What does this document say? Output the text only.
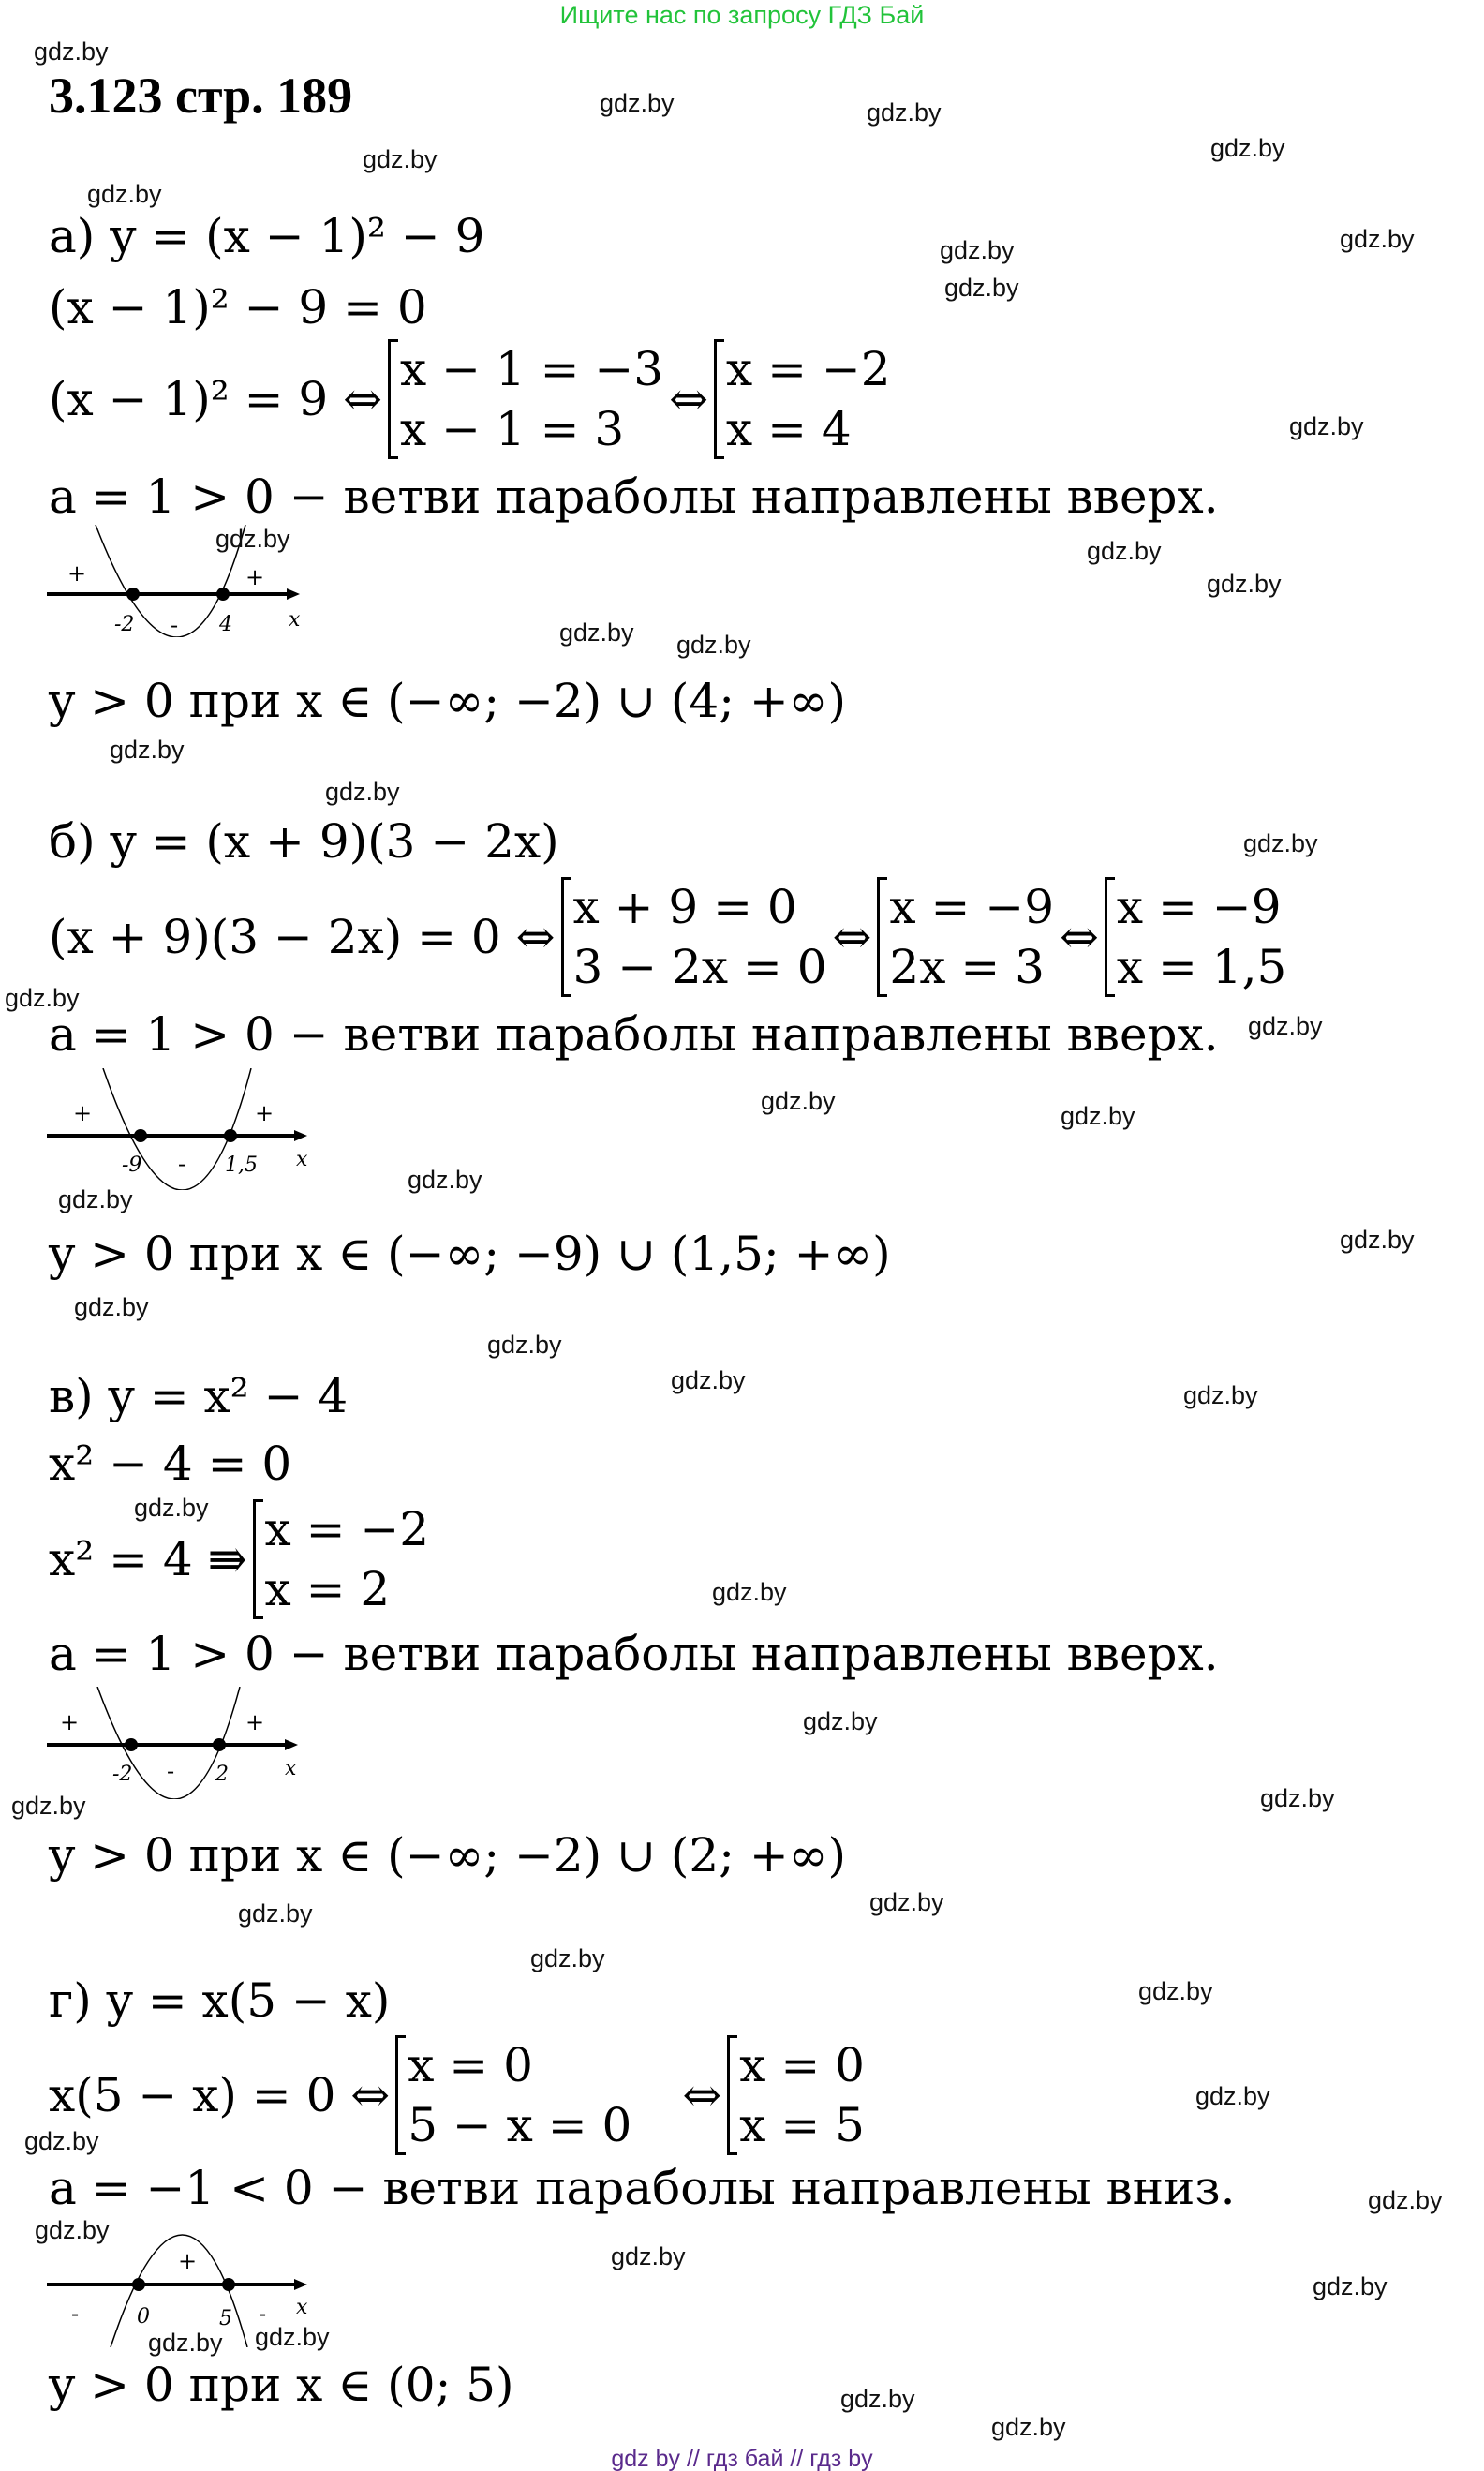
Ищите нас по запросу ГДЗ Бай
3.123 стр. 189
а) y = (x − 1)² − 9
(x − 1)² − 9 = 0
(x − 1)² = 9 ⇔
x − 1 = −3
x − 1 = 3
⇔
x = −2
x = 4
a = 1 > 0 − ветви параболы направлены вверх.
+
-
+
-2	4	x
y > 0 при x ∈ (−∞; −2) ∪ (4; +∞)
б) y = (x + 9)(3 − 2x)
(x + 9)(3 − 2x) = 0 ⇔
x + 9 = 0
3 − 2x = 0
⇔
x = −9
2x = 3
⇔
x = −9
x = 1,5
a = 1 > 0 − ветви параболы направлены вверх.
+
-
+
-9	1,5 x
y > 0 при x ∈ (−∞; −9) ∪ (1,5; +∞)
в) y = x² − 4
x² − 4 = 0
x² = 4 ⇛
x = −2
x = 2
a = 1 > 0 − ветви параболы направлены вверх.
+
-
+
-2	2	x
y > 0 при x ∈ (−∞; −2) ∪ (2; +∞)
г) y = x(5 − x)
x(5 − x) = 0 ⇔
x = 0
5 − x = 0
⇔
x = 0
x = 5
a = −1 < 0 − ветви параболы направлены вниз.
-
+
-
0	5	x
y > 0 при x ∈ (0; 5)
gdz.by
gdz.by	gdz.by
gdz.by
gdz.by
gdz.by
gdz.by
gdz.by
gdz.by
gdz.by
gdz.by
gdz.by
gdz.by
gdz.by gdz.by
gdz.by
gdz.by
gdz.by
gdz.by
gdz.by
gdz.by
gdz.by
gdz.by
gdz.by
gdz.by
gdz.by
gdz.by
gdz.by
gdz.by
gdz.by
gdz.by
gdz.by
gdz.by
gdz.by
gdz.by
gdz.by
gdz.by
gdz.by
gdz.by
gdz.by
gdz.by
gdz.by
gdz.by
gdz.by
gdz.by
gdz.by
gdz.by
gdz.by
gdz by // гдз бай // гдз by
